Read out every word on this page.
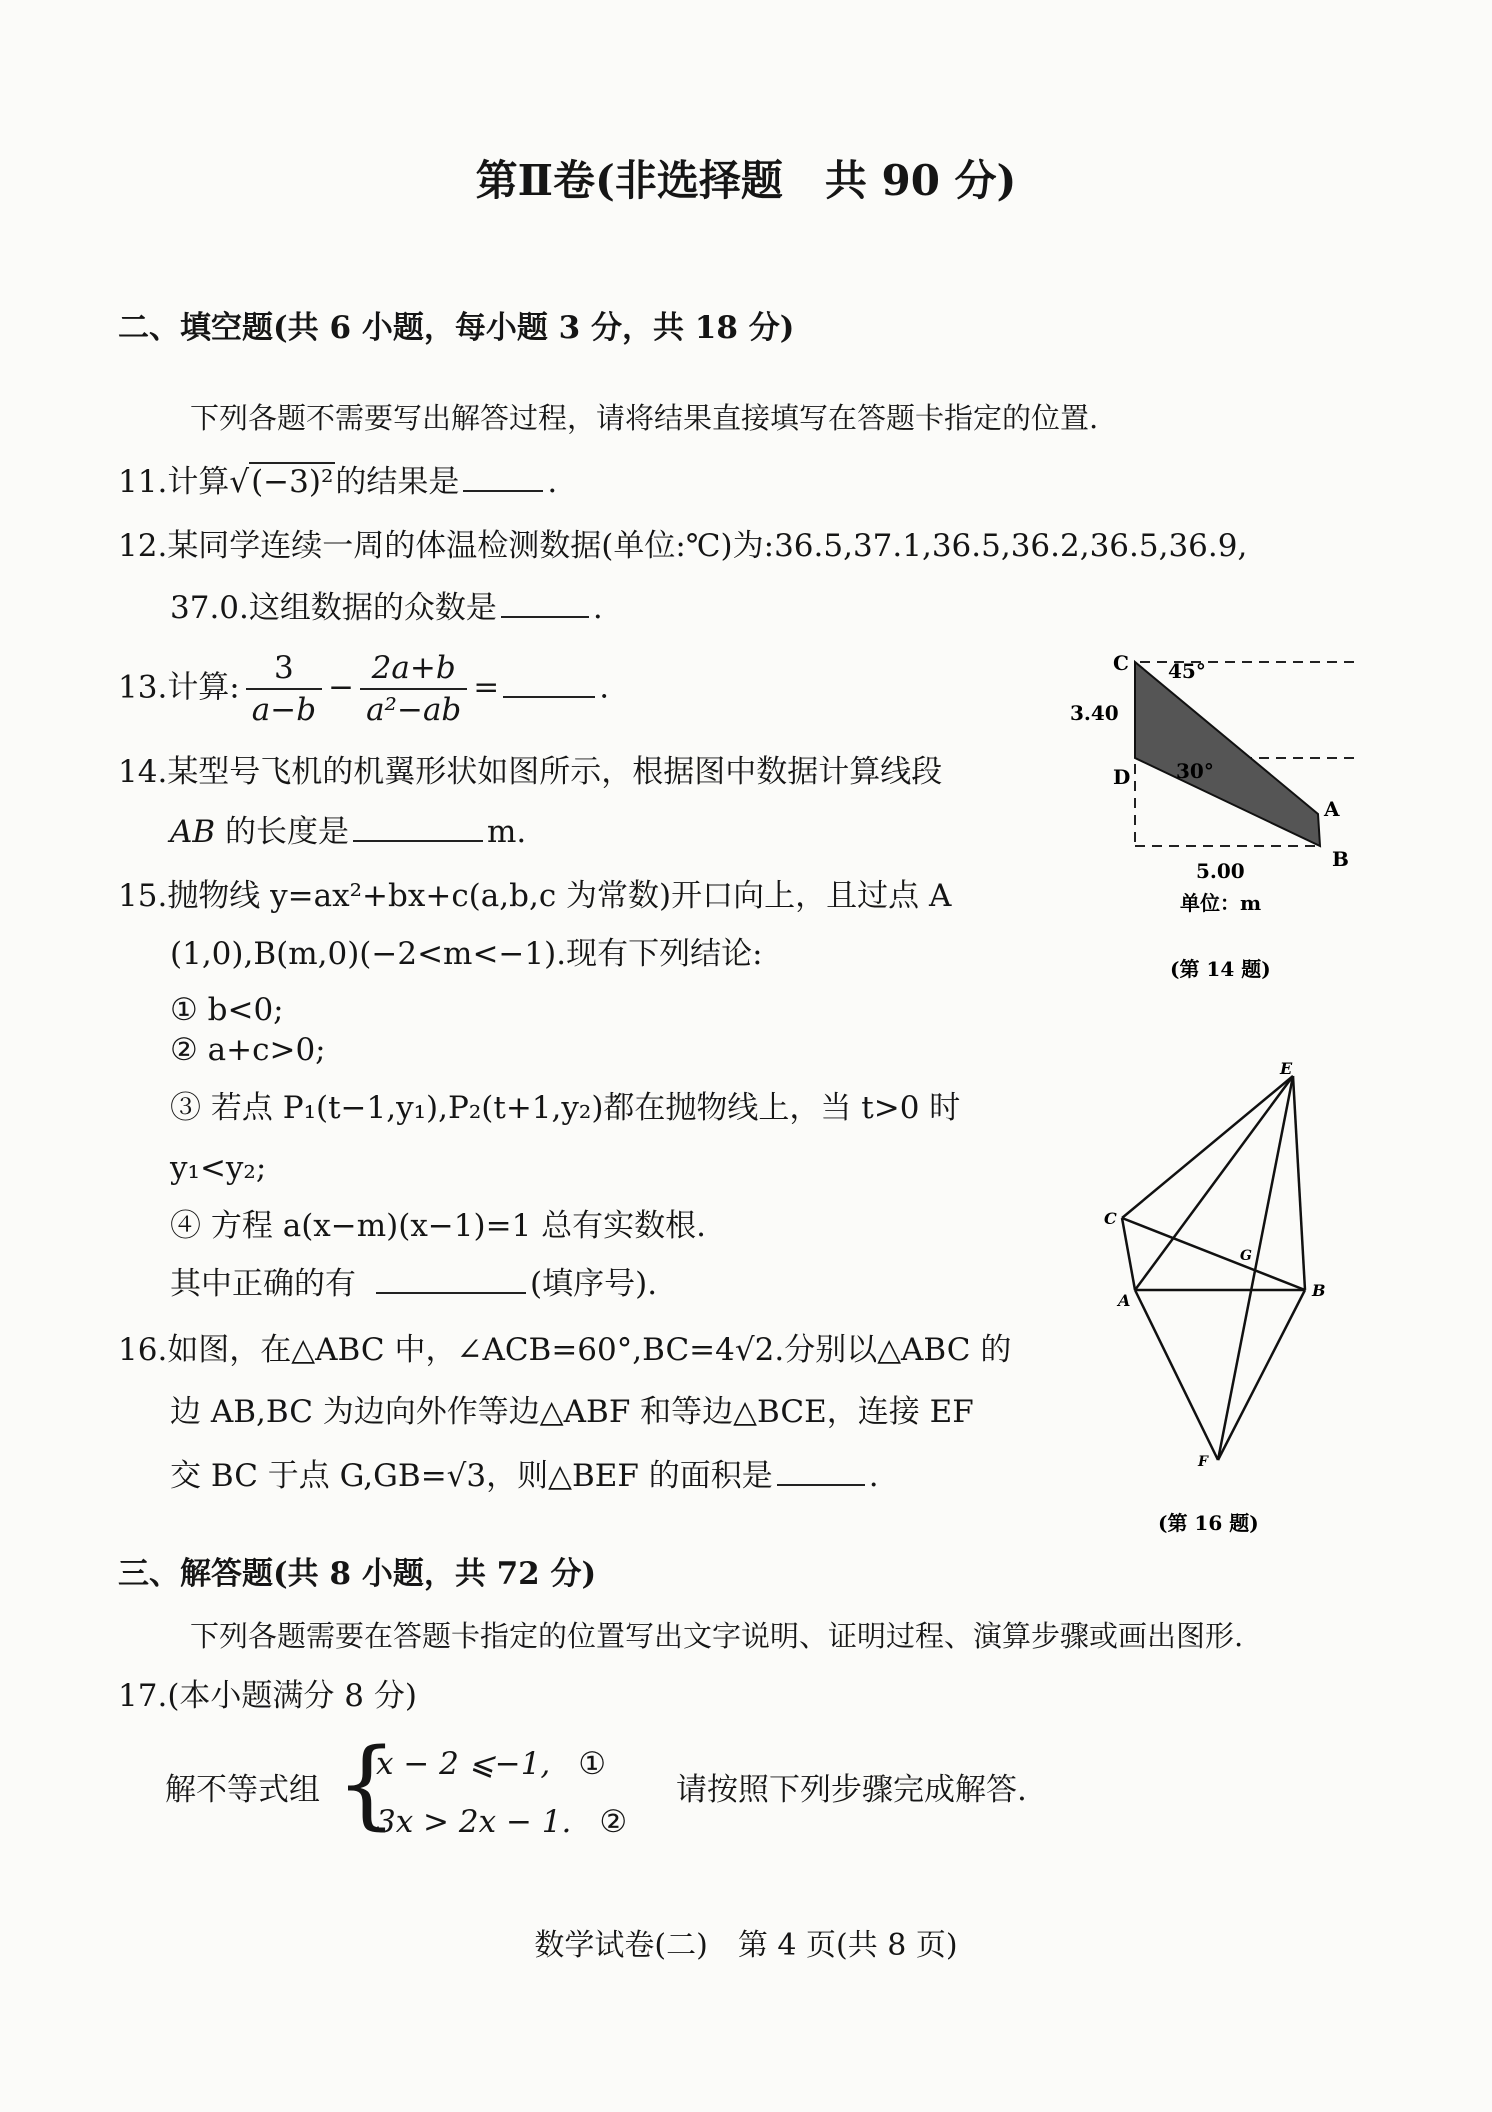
第Ⅱ卷(非选择题　共 90 分)
二、填空题(共 6 小题，每小题 3 分，共 18 分)
下列各题不需要写出解答过程，请将结果直接填写在答题卡指定的位置.
11.计算√(−3)²的结果是	.
12.某同学连续一周的体温检测数据(单位:℃)为:36.5,37.1,36.5,36.2,36.5,36.9,
37.0.这组数据的众数是	.
13.计算: $\frac{3}{a-b} - \frac{2a+b}{\text{a²−ab}}$ =	.
14.某型号飞机的机翼形状如图所示，根据图中数据计算线段
AB 的长度是	m.
15.抛物线 y=ax²+bx+c(a,b,c 为常数)开口向上，且过点 A
(1,0),B(m,0)(−2<m<−1).现有下列结论:
① b<0;
② a+c>0;
③ 若点 P₁(t−1,y₁),P₂(t+1,y₂)都在抛物线上，当 t>0 时
y₁<y₂;
④ 方程 a(x−m)(x−1)=1 总有实数根.
其中正确的有	(填序号).
16.如图，在△ABC 中，∠ACB=60°,BC=4√2.分别以△ABC 的
边 AB,BC 为边向外作等边△ABF 和等边△BCE，连接 EF
交 BC 于点 G,GB=√3，则△BEF 的面积是	.
C
D
A
B
45°
30°
3.40
5.00
单位：m
(第 14 题)
E
C
G
A
B
F
(第 16 题)
三、解答题(共 8 小题，共 72 分)
下列各题需要在答题卡指定的位置写出文字说明、证明过程、演算步骤或画出图形.
17.(本小题满分 8 分)
解不等式组 {
x − 2 ⩽−1, ①
3x > 2x − 1. ②
请按照下列步骤完成解答.
数学试卷(二)　第 4 页(共 8 页)
